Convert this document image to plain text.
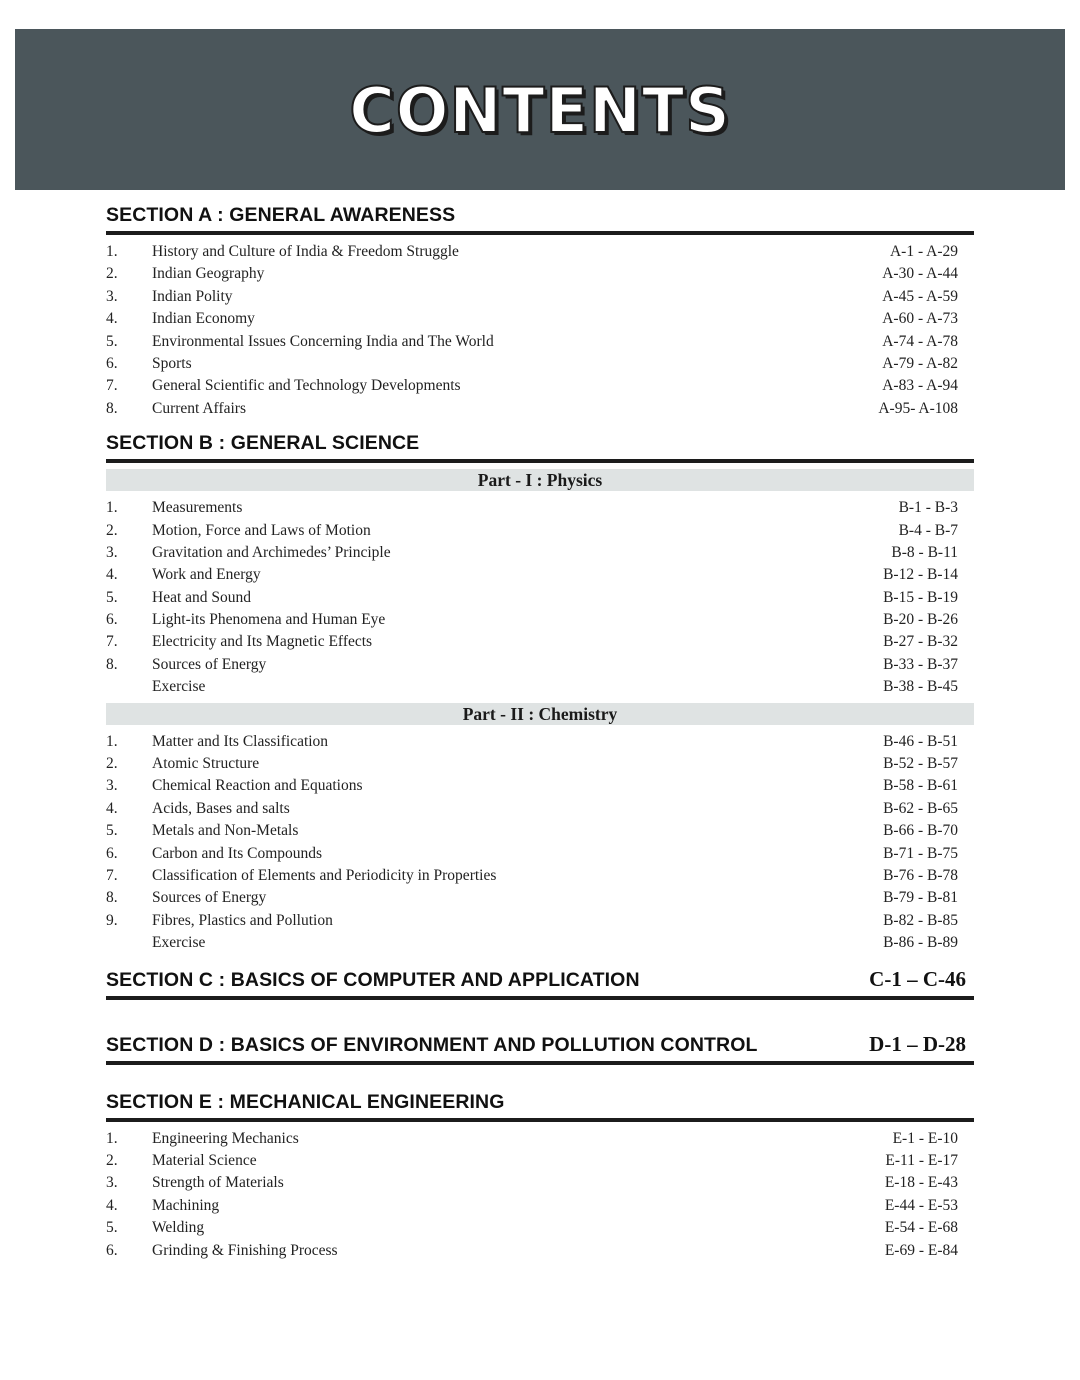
CONTENTS
SECTION A : GENERAL AWARENESS
1.	History and Culture of India & Freedom Struggle	A-1 - A-29
2.	Indian Geography	A-30 - A-44
3.	Indian Polity	A-45 - A-59
4.	Indian Economy	A-60 - A-73
5.	Environmental Issues Concerning India and The World	A-74 - A-78
6.	Sports	A-79 - A-82
7.	General Scientific and Technology Developments	A-83 - A-94
8.	Current Affairs	A-95- A-108
SECTION B : GENERAL SCIENCE
Part - I : Physics
1.	Measurements	B-1 - B-3
2.	Motion, Force and Laws of Motion	B-4 - B-7
3.	Gravitation and Archimedes’ Principle	B-8 - B-11
4.	Work and Energy	B-12 - B-14
5.	Heat and Sound	B-15 - B-19
6.	Light-its Phenomena and Human Eye	B-20 - B-26
7.	Electricity and Its Magnetic Effects	B-27 - B-32
8.	Sources of Energy	B-33 - B-37
Exercise	B-38 - B-45
Part - II : Chemistry
1.	Matter and Its Classification	B-46 - B-51
2.	Atomic Structure	B-52 - B-57
3.	Chemical Reaction and Equations	B-58 - B-61
4.	Acids, Bases and salts	B-62 - B-65
5.	Metals and Non-Metals	B-66 - B-70
6.	Carbon and Its Compounds	B-71 - B-75
7.	Classification of Elements and Periodicity in Properties	B-76 - B-78
8.	Sources of Energy	B-79 - B-81
9.	Fibres, Plastics and Pollution	B-82 - B-85
Exercise	B-86 - B-89
SECTION C : BASICS OF COMPUTER AND APPLICATION	C-1 – C-46
SECTION D : BASICS OF ENVIRONMENT AND POLLUTION CONTROL	D-1 – D-28
SECTION E : MECHANICAL ENGINEERING
1.	Engineering Mechanics	E-1 - E-10
2.	Material Science	E-11 - E-17
3.	Strength of Materials	E-18 - E-43
4.	Machining	E-44 - E-53
5.	Welding	E-54 - E-68
6.	Grinding & Finishing Process	E-69 - E-84
